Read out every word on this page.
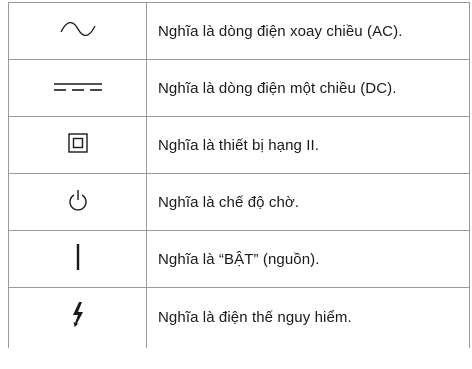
	Nghĩa là dòng điện xoay chiều (AC).

	Nghĩa là dòng điện một chiều (DC).

	Nghĩa là thiết bị hạng II.

	Nghĩa là chế độ chờ.

	Nghĩa là “BẬT” (nguồn).

	Nghĩa là điện thế nguy hiểm.
